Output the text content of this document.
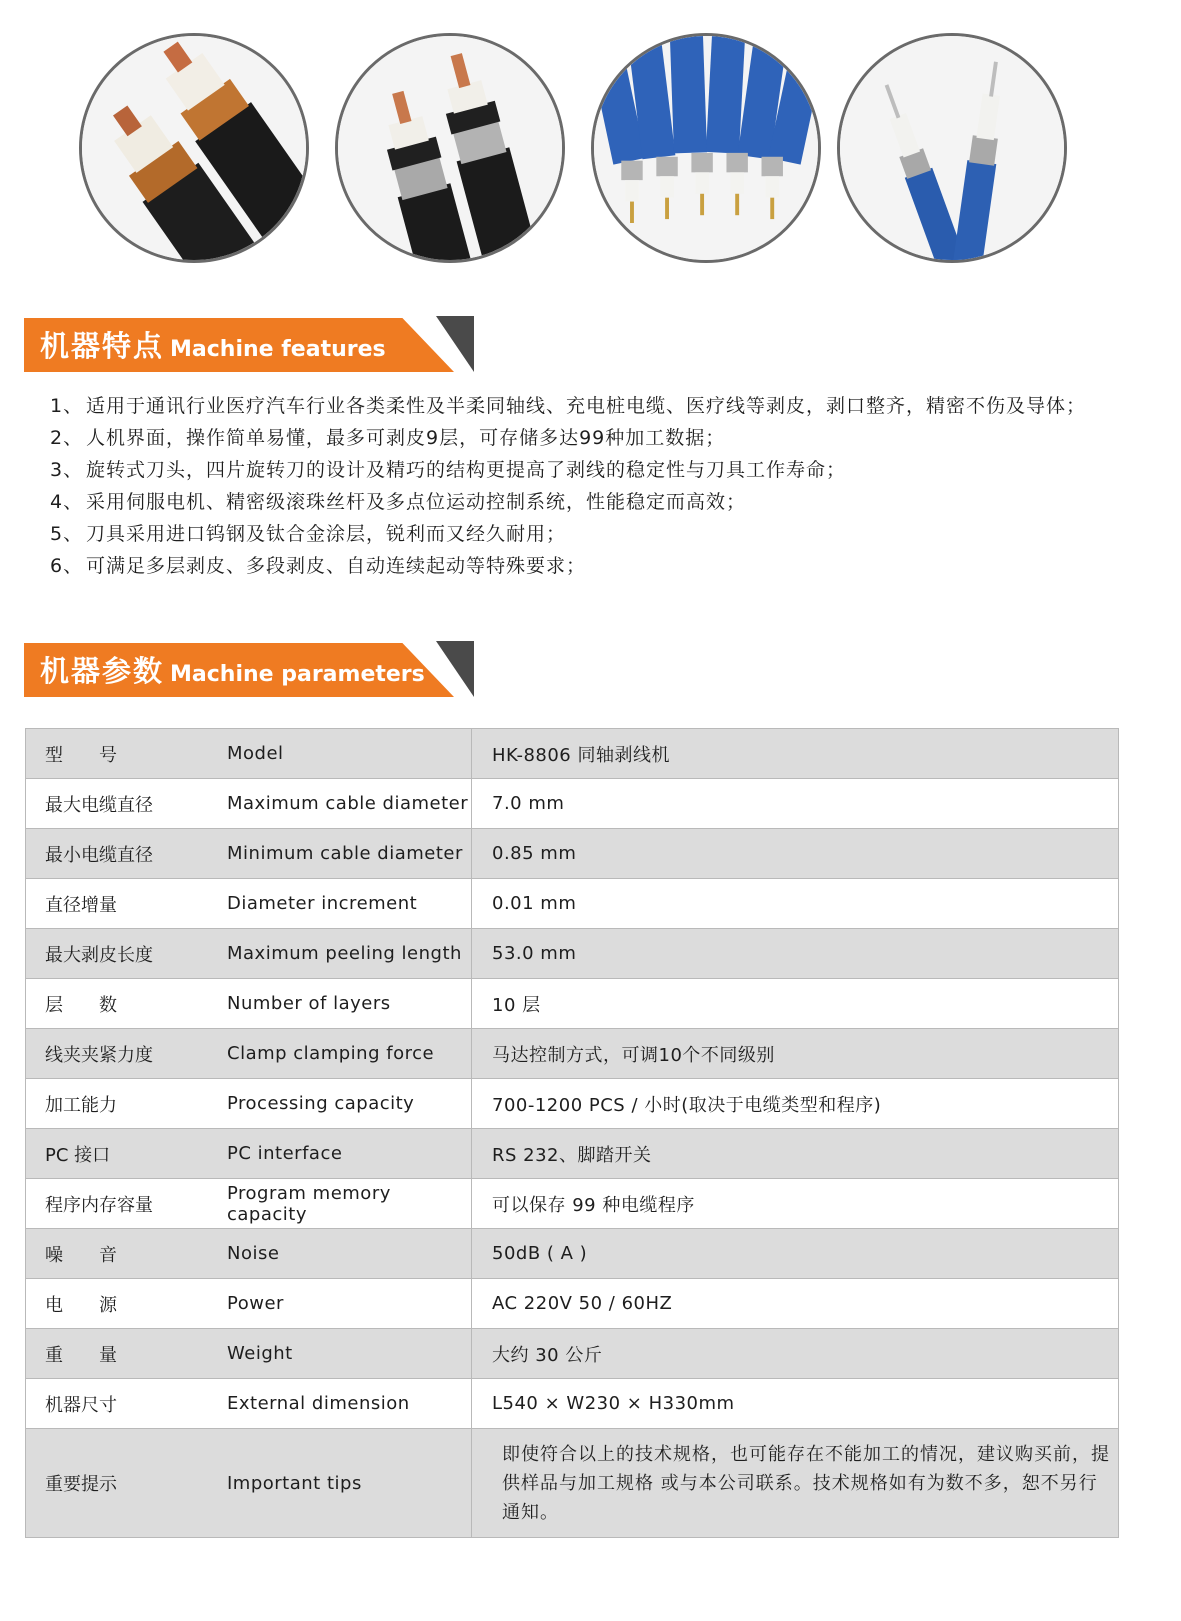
机器特点 Machine features
1、 适用于通讯行业医疗汽车行业各类柔性及半柔同轴线、充电桩电缆、医疗线等剥皮，剥口整齐，精密不伤及导体；
2、 人机界面，操作简单易懂，最多可剥皮9层，可存储多达99种加工数据；
3、 旋转式刀头，四片旋转刀的设计及精巧的结构更提高了剥线的稳定性与刀具工作寿命；
4、 采用伺服电机、精密级滚珠丝杆及多点位运动控制系统，性能稳定而高效；
5、 刀具采用进口钨钢及钛合金涂层，锐利而又经久耐用；
6、 可满足多层剥皮、多段剥皮、自动连续起动等特殊要求；
机器参数 Machine parameters
型　　号	Model	HK-8806 同轴剥线机
最大电缆直径	Maximum cable diameter	7.0 mm
最小电缆直径	Minimum cable diameter	0.85 mm
直径增量	Diameter increment	0.01 mm
最大剥皮长度	Maximum peeling length	53.0 mm
层　　数	Number of layers	10 层
线夹夹紧力度	Clamp clamping force	马达控制方式，可调10个不同级别
加工能力	Processing capacity	700-1200 PCS / 小时(取决于电缆类型和程序)
PC 接口	PC interface	RS 232、脚踏开关
程序内存容量	Program memory capacity	可以保存 99 种电缆程序
噪　　音	Noise	50dB ( A )
电　　源	Power	AC 220V 50 / 60HZ
重　　量	Weight	大约 30 公斤
机器尺寸	External dimension	L540 × W230 × H330mm
重要提示	Important tips	即使符合以上的技术规格，也可能存在不能加工的情况，建议购买前，提供样品与加工规格 或与本公司联系。技术规格如有为数不多，恕不另行通知。
